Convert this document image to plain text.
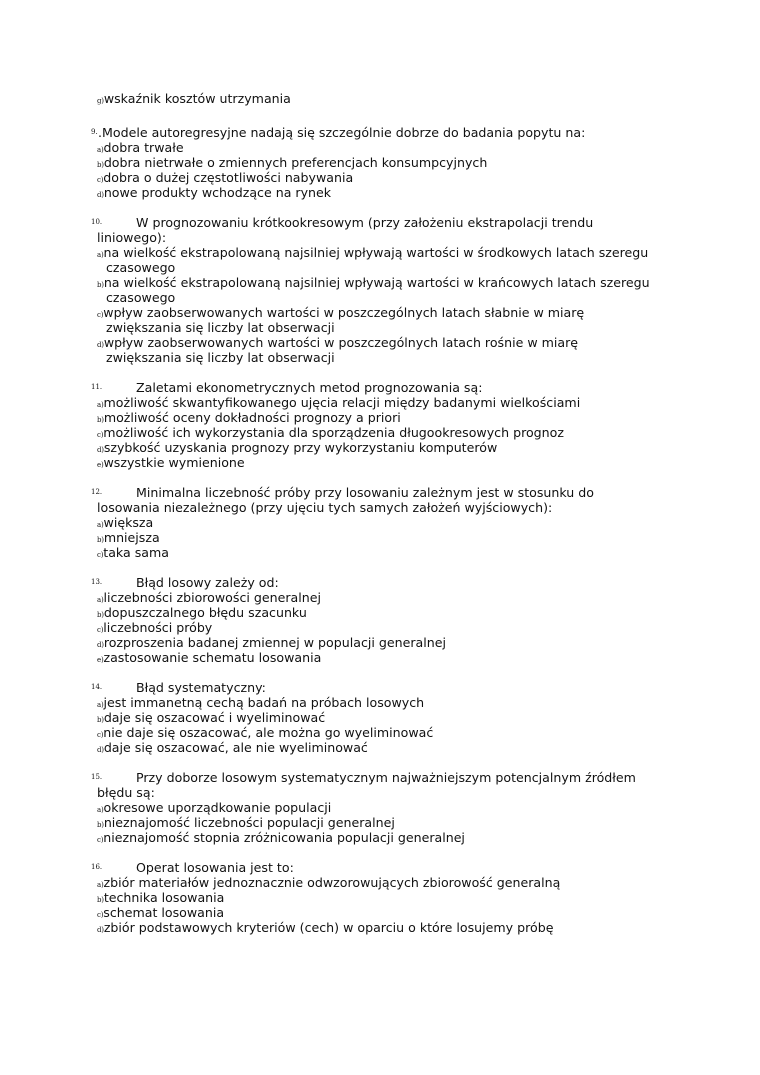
g)wskaźnik kosztów utrzymania
9. .Modele autoregresyjne nadają się szczególnie dobrze do badania popytu na:
a)dobra trwałe
b)dobra nietrwałe o zmiennych preferencjach konsumpcyjnych
c)dobra o dużej częstotliwości nabywania
d)nowe produkty wchodzące na rynek
10.	W prognozowaniu krótkookresowym (przy założeniu ekstrapolacji trendu
liniowego):
a)na wielkość ekstrapolowaną najsilniej wpływają wartości w środkowych latach szeregu
czasowego
b)na wielkość ekstrapolowaną najsilniej wpływają wartości w krańcowych latach szeregu
czasowego
c)wpływ zaobserwowanych wartości w poszczególnych latach słabnie w miarę
zwiększania się liczby lat obserwacji
d)wpływ zaobserwowanych wartości w poszczególnych latach rośnie w miarę
zwiększania się liczby lat obserwacji
11.	Zaletami ekonometrycznych metod prognozowania są:
a)możliwość skwantyfikowanego ujęcia relacji między badanymi wielkościami
b)możliwość oceny dokładności prognozy a priori
c)możliwość ich wykorzystania dla sporządzenia długookresowych prognoz
d)szybkość uzyskania prognozy przy wykorzystaniu komputerów
e)wszystkie wymienione
12.	Minimalna liczebność próby przy losowaniu zależnym jest w stosunku do
losowania niezależnego (przy ujęciu tych samych założeń wyjściowych):
a)większa
b)mniejsza
c)taka sama
13.	Błąd losowy zależy od:
a)liczebności zbiorowości generalnej
b)dopuszczalnego błędu szacunku
c)liczebności próby
d)rozproszenia badanej zmiennej w populacji generalnej
e)zastosowanie schematu losowania
14.	Błąd systematyczny:
a)jest immanetną cechą badań na próbach losowych
b)daje się oszacować i wyeliminować
c)nie daje się oszacować, ale można go wyeliminować
d)daje się oszacować, ale nie wyeliminować
15.	Przy doborze losowym systematycznym najważniejszym potencjalnym źródłem
błędu są:
a)okresowe uporządkowanie populacji
b)nieznajomość liczebności populacji generalnej
c)nieznajomość stopnia zróżnicowania populacji generalnej
16.	Operat losowania jest to:
a)zbiór materiałów jednoznacznie odwzorowujących zbiorowość generalną
b)technika losowania
c)schemat losowania
d)zbiór podstawowych kryteriów (cech) w oparciu o które losujemy próbę
